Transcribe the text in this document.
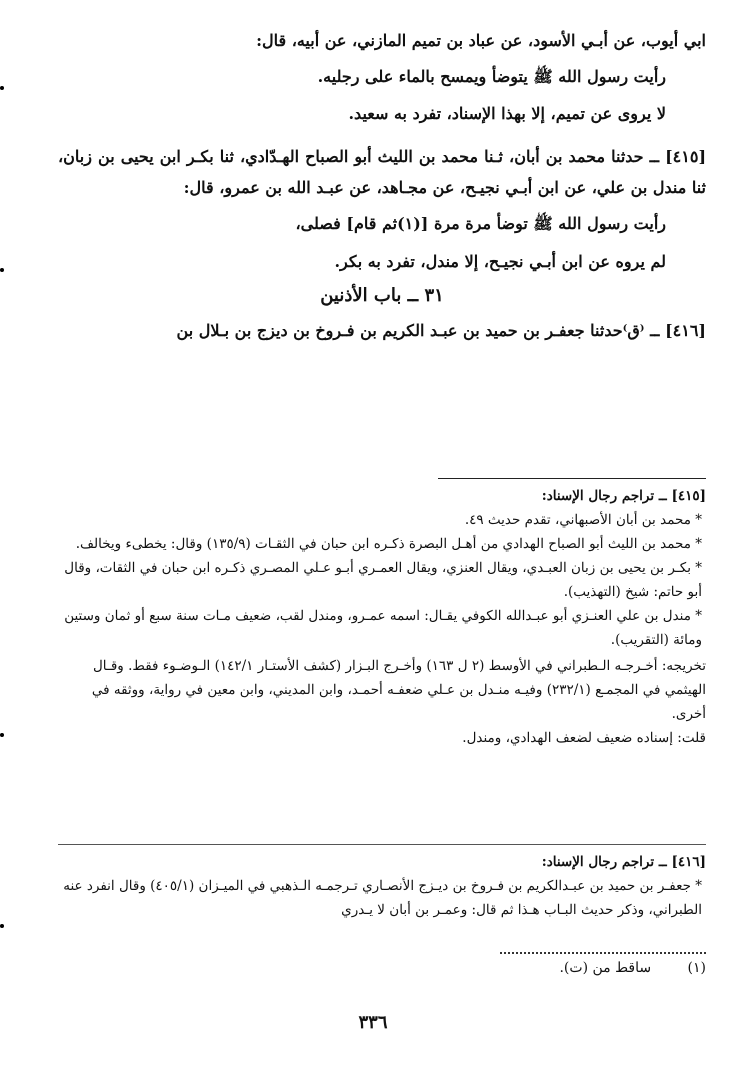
ابي أيوب، عن أبـي الأسود، عن عباد بن تميم المازني، عن أبيه، قال:

رأيت رسول الله ﷺ يتوضأ ويمسح بالماء على رجليه.

لا يروى عن تميم، إلا بهذا الإسناد، تفرد به سعيد.

[٤١٥] ــ حدثنا محمد بن أبان، ثـنا محمد بن الليث أبو الصباح الهـدّادي، ثنا بكـر ابن يحيى بن زبان، ثنا مندل بن علي، عن ابن أبـي نجيـح، عن مجـاهد، عن عبـد الله بن عمرو، قال:

رأيت رسول الله ﷺ توضأ مرة مرة [(١)ثم قام] فصلى،

لم يروه عن ابن أبـي نجيـح، إلا مندل، تفرد به بكر.

٣١ ــ باب الأذنين

[٤١٦] ــ ⁽ق⁾حدثنا جعفـر بن حميد بن عبـد الكريم بن فـروخ بن ديزج بن بـلال بن

[٤١٥] ــ تراجم رجال الإسناد:

* محمد بن أبان الأصبهاني، تقدم حديث ٤٩.

* محمد بن الليث أبو الصباح الهدادي من أهـل البصرة ذكـره ابن حبان في الثقـات (١٣٥/٩) وقال: يخطىء ويخالف.

* بكـر بن يحيى بن زبان العبـدي، ويقال العنزي، ويقال العمـري أبـو عـلي المصـري ذكـره ابن حبان في الثقات، وقال أبو حاتم: شيخ (التهذيب).

* مندل بن علي العنـزي أبو عبـدالله الكوفي يقـال: اسمه عمـرو، ومندل لقب، ضعيف مـات سنة سبع أو ثمان وستين ومائة (التقريب).

تخريجه: أخـرجـه الـطبراني في الأوسط (٢ ل ١٦٣) وأخـرج البـزار (كشف الأستـار ١٤٢/١) الـوضـوء فقط. وقـال الهيثمي في المجمـع (٢٣٢/١) وفيـه منـدل بن عـلي ضعفـه أحمـد، وابن المديني، وابن معين في رواية، ووثقه في أخرى.

قلت: إسناده ضعيف لضعف الهدادي، ومندل.

[٤١٦] ــ تراجم رجال الإسناد:

* جعفـر بن حميد بن عبـدالكريم بن فـروخ بن ديـزج الأنصـاري تـرجمـه الـذهبي في الميـزان (٤٠٥/١) وقال انفرد عنه الطبراني، وذكر حديث البـاب هـذا ثم قال: وعمـر بن أبان لا يـدري

(١) ساقط من (ت).
٣٣٦
